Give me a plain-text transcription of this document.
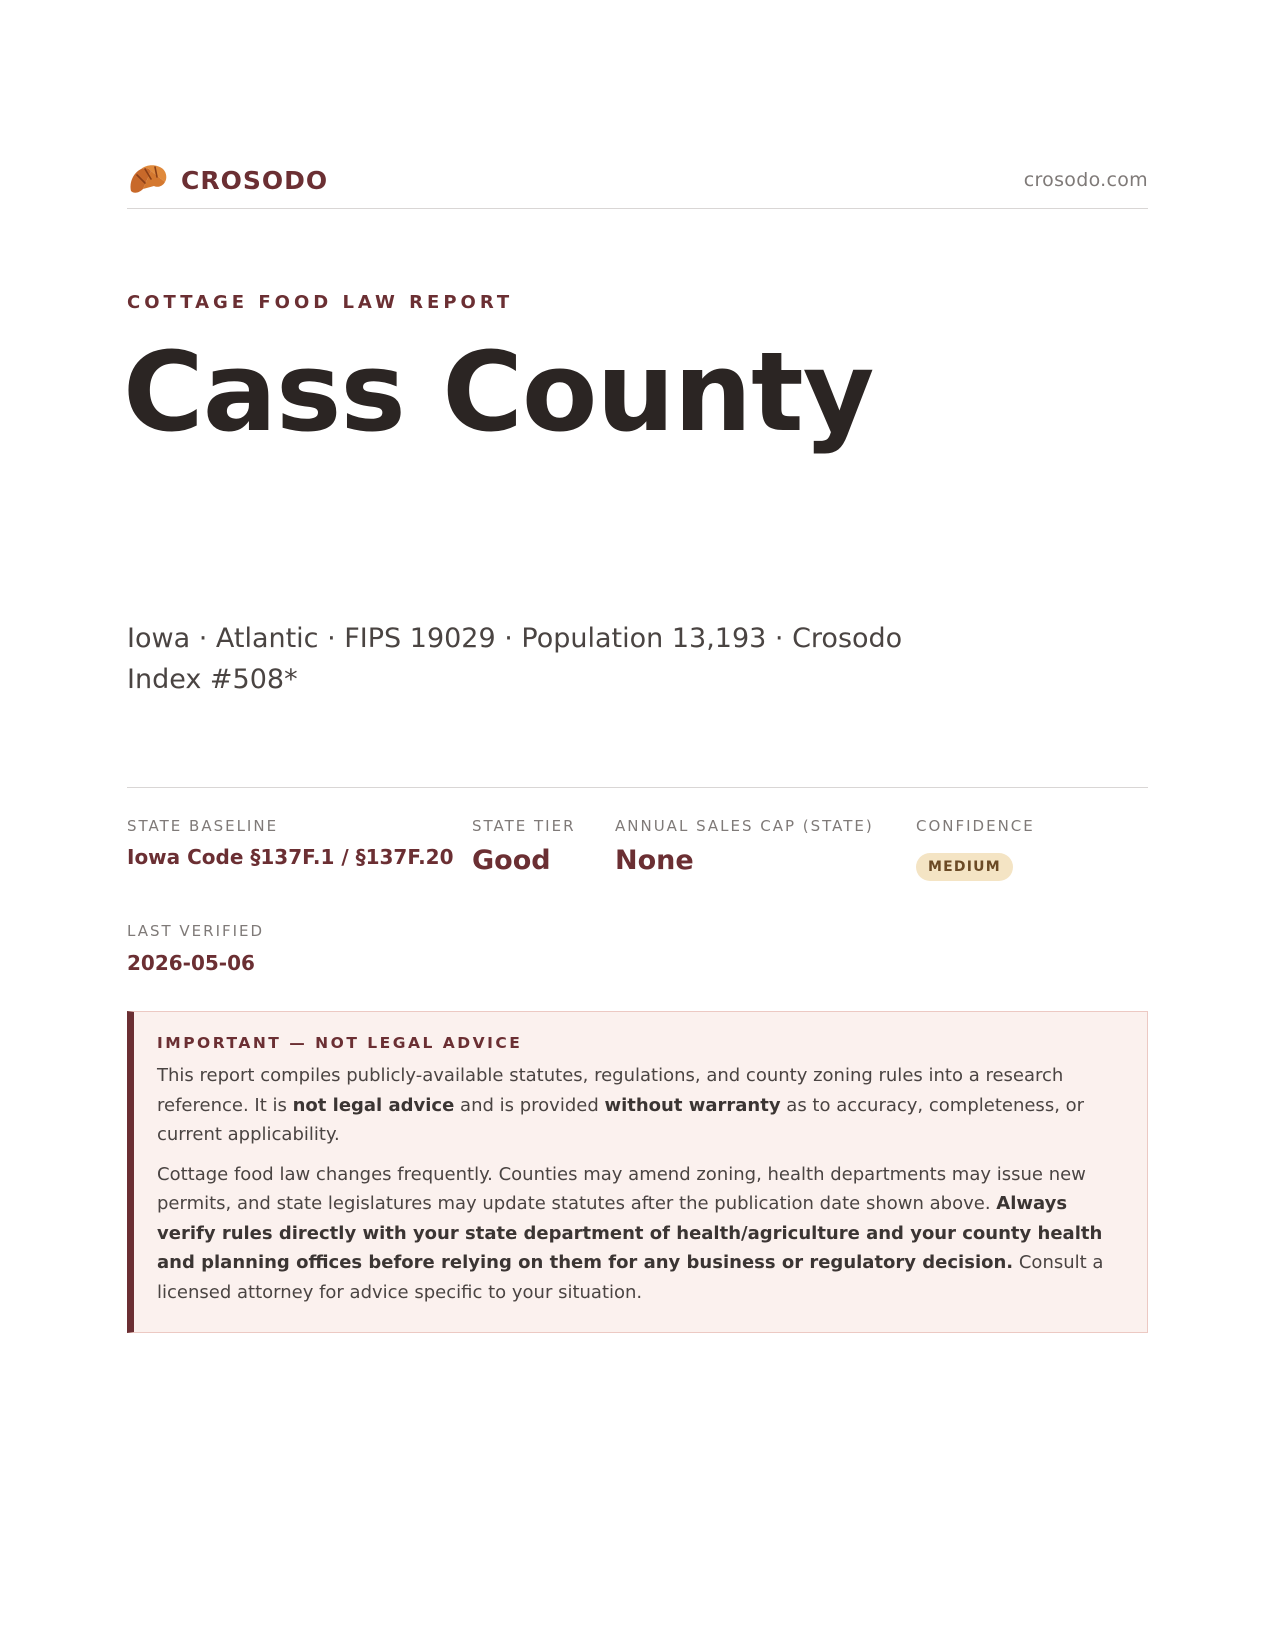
CROSODO	crosodo.com
COTTAGE FOOD LAW REPORT
Cass County
Iowa · Atlantic · FIPS 19029 · Population 13,193 · Crosodo Index #508*
STATE BASELINE
Iowa Code §137F.1 / §137F.20
STATE TIER
Good
ANNUAL SALES CAP (STATE)
None
CONFIDENCE
MEDIUM
LAST VERIFIED
2026-05-06
IMPORTANT — NOT LEGAL ADVICE

This report compiles publicly-available statutes, regulations, and county zoning rules into a research reference. It is not legal advice and is provided without warranty as to accuracy, completeness, or current applicability.

Cottage food law changes frequently. Counties may amend zoning, health departments may issue new permits, and state legislatures may update statutes after the publication date shown above. Always verify rules directly with your state department of health/agriculture and your county health and planning offices before relying on them for any business or regulatory decision. Consult a licensed attorney for advice specific to your situation.
